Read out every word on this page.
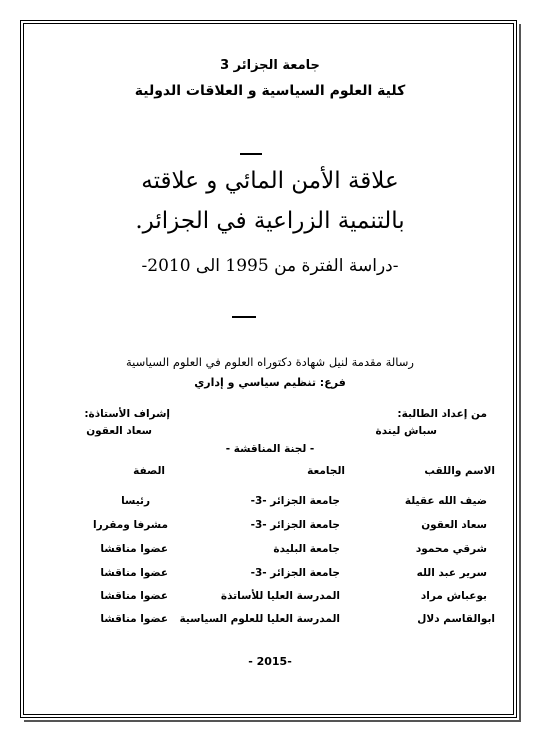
جامعة الجزائر 3
كلية العلوم السياسية و العلاقات الدولية
علاقة الأمن المائي و علاقته
بالتنمية الزراعية في الجزائر.
-دراسة الفترة من 1995 الى 2010-
رسالة مقدمة لنيل شهادة دكتوراه العلوم في العلوم السياسية
فرع: تنظيم سياسي و إداري
من إعداد الطالبة:
سباش ليندة
إشراف الأستاذة:
سعاد العقون
- لجنة المناقشة -
الاسم واللقب
الجامعة
الصفة
ضيف الله عقيلة
جامعة الجزائر -3-
رئيسا
سعاد العقون
جامعة الجزائر -3-
مشرفا ومقررا
شرقي محمود
جامعة البليدة
عضوا مناقشا
سرير عبد الله
جامعة الجزائر -3-
عضوا مناقشا
بوعباش مراد
المدرسة العليا للأساتذة
عضوا مناقشا
ابوالقاسم دلال
المدرسة العليا للعلوم السياسية
عضوا مناقشا
-2015 -
